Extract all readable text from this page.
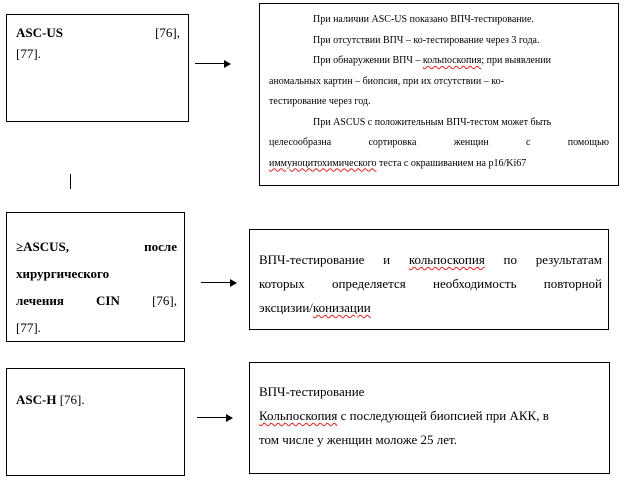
ASC-US	[76],
[77].

При наличии ASC-US показано ВПЧ-тестирование.

При отсутствии ВПЧ – ко-тестирование через 3 года.

При обнаружении ВПЧ – кольпоскопия; при выявлении

аномальных картин – биопсия, при их отсутствии – ко-

тестирование через год.

При ASCUS с положительным ВПЧ-тестом может быть

целесообразна сортировка женщин с помощью

иммуноцитохимического теста с окрашиванием на p16/Ki67

≥ASCUS,	после
хирургического
лечения CIN [76],
[77].
ВПЧ-тестирование и кольпоскопия по результатам
которых определяется необходимость повторной
эксцизии/конизации
ASC-H [76].
ВПЧ-тестирование
Кольпоскопия с последующей биопсией при АКК, в
том числе у женщин моложе 25 лет.
